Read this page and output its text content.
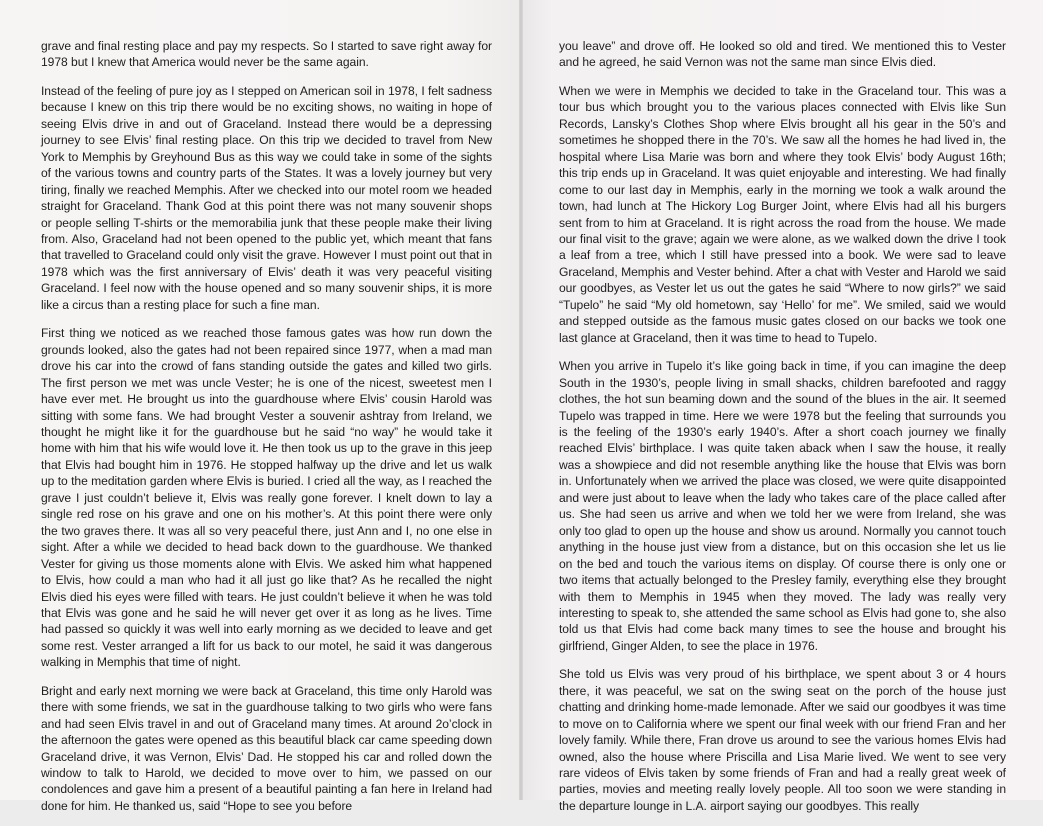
grave and final resting place and pay my respects. So I started to save right away for 1978 but I knew that America would never be the same again.

Instead of the feeling of pure joy as I stepped on American soil in 1978, I felt sadness because I knew on this trip there would be no exciting shows, no waiting in hope of seeing Elvis drive in and out of Graceland. Instead there would be a depressing journey to see Elvis’ final resting place. On this trip we decided to travel from New York to Memphis by Greyhound Bus as this way we could take in some of the sights of the various towns and country parts of the States. It was a lovely journey but very tiring, finally we reached Memphis. After we checked into our motel room we headed straight for Graceland. Thank God at this point there was not many souvenir shops or people selling T-shirts or the memorabilia junk that these people make their living from. Also, Graceland had not been opened to the public yet, which meant that fans that travelled to Graceland could only visit the grave. However I must point out that in 1978 which was the first anniversary of Elvis’ death it was very peaceful visiting Graceland. I feel now with the house opened and so many souvenir ships, it is more like a circus than a resting place for such a fine man.

First thing we noticed as we reached those famous gates was how run down the grounds looked, also the gates had not been repaired since 1977, when a mad man drove his car into the crowd of fans standing outside the gates and killed two girls. The first person we met was uncle Vester; he is one of the nicest, sweetest men I have ever met. He brought us into the guardhouse where Elvis’ cousin Harold was sitting with some fans. We had brought Vester a souvenir ashtray from Ireland, we thought he might like it for the guardhouse but he said “no way” he would take it home with him that his wife would love it. He then took us up to the grave in this jeep that Elvis had bought him in 1976. He stopped halfway up the drive and let us walk up to the meditation garden where Elvis is buried. I cried all the way, as I reached the grave I just couldn’t believe it, Elvis was really gone forever. I knelt down to lay a single red rose on his grave and one on his mother’s. At this point there were only the two graves there. It was all so very peaceful there, just Ann and I, no one else in sight. After a while we decided to head back down to the guardhouse. We thanked Vester for giving us those moments alone with Elvis. We asked him what happened to Elvis, how could a man who had it all just go like that? As he recalled the night Elvis died his eyes were filled with tears. He just couldn’t believe it when he was told that Elvis was gone and he said he will never get over it as long as he lives. Time had passed so quickly it was well into early morning as we decided to leave and get some rest. Vester arranged a lift for us back to our motel, he said it was dangerous walking in Memphis that time of night.

Bright and early next morning we were back at Graceland, this time only Harold was there with some friends, we sat in the guardhouse talking to two girls who were fans and had seen Elvis travel in and out of Graceland many times. At around 2o’clock in the afternoon the gates were opened as this beautiful black car came speeding down Graceland drive, it was Vernon, Elvis’ Dad. He stopped his car and rolled down the window to talk to Harold, we decided to move over to him, we passed on our condolences and gave him a present of a beautiful painting a fan here in Ireland had done for him. He thanked us, said “Hope to see you before

you leave” and drove off. He looked so old and tired. We mentioned this to Vester and he agreed, he said Vernon was not the same man since Elvis died.

When we were in Memphis we decided to take in the Graceland tour. This was a tour bus which brought you to the various places connected with Elvis like Sun Records, Lansky’s Clothes Shop where Elvis brought all his gear in the 50’s and sometimes he shopped there in the 70’s. We saw all the homes he had lived in, the hospital where Lisa Marie was born and where they took Elvis’ body August 16th; this trip ends up in Graceland. It was quiet enjoyable and interesting. We had finally come to our last day in Memphis, early in the morning we took a walk around the town, had lunch at The Hickory Log Burger Joint, where Elvis had all his burgers sent from to him at Graceland. It is right across the road from the house. We made our final visit to the grave; again we were alone, as we walked down the drive I took a leaf from a tree, which I still have pressed into a book. We were sad to leave Graceland, Memphis and Vester behind. After a chat with Vester and Harold we said our goodbyes, as Vester let us out the gates he said “Where to now girls?” we said “Tupelo” he said “My old hometown, say ‘Hello’ for me”. We smiled, said we would and stepped outside as the famous music gates closed on our backs we took one last glance at Graceland, then it was time to head to Tupelo.

When you arrive in Tupelo it’s like going back in time, if you can imagine the deep South in the 1930’s, people living in small shacks, children barefooted and raggy clothes, the hot sun beaming down and the sound of the blues in the air. It seemed Tupelo was trapped in time. Here we were 1978 but the feeling that surrounds you is the feeling of the 1930’s early 1940’s. After a short coach journey we finally reached Elvis’ birthplace. I was quite taken aback when I saw the house, it really was a showpiece and did not resemble anything like the house that Elvis was born in. Unfortunately when we arrived the place was closed, we were quite disappointed and were just about to leave when the lady who takes care of the place called after us. She had seen us arrive and when we told her we were from Ireland, she was only too glad to open up the house and show us around. Normally you cannot touch anything in the house just view from a distance, but on this occasion she let us lie on the bed and touch the various items on display. Of course there is only one or two items that actually belonged to the Presley family, everything else they brought with them to Memphis in 1945 when they moved. The lady was really very interesting to speak to, she attended the same school as Elvis had gone to, she also told us that Elvis had come back many times to see the house and brought his girlfriend, Ginger Alden, to see the place in 1976.

She told us Elvis was very proud of his birthplace, we spent about 3 or 4 hours there, it was peaceful, we sat on the swing seat on the porch of the house just chatting and drinking home-made lemonade. After we said our goodbyes it was time to move on to California where we spent our final week with our friend Fran and her lovely family. While there, Fran drove us around to see the various homes Elvis had owned, also the house where Priscilla and Lisa Marie lived. We went to see very rare videos of Elvis taken by some friends of Fran and had a really great week of parties, movies and meeting really lovely people. All too soon we were standing in the departure lounge in L.A. airport saying our goodbyes. This really
